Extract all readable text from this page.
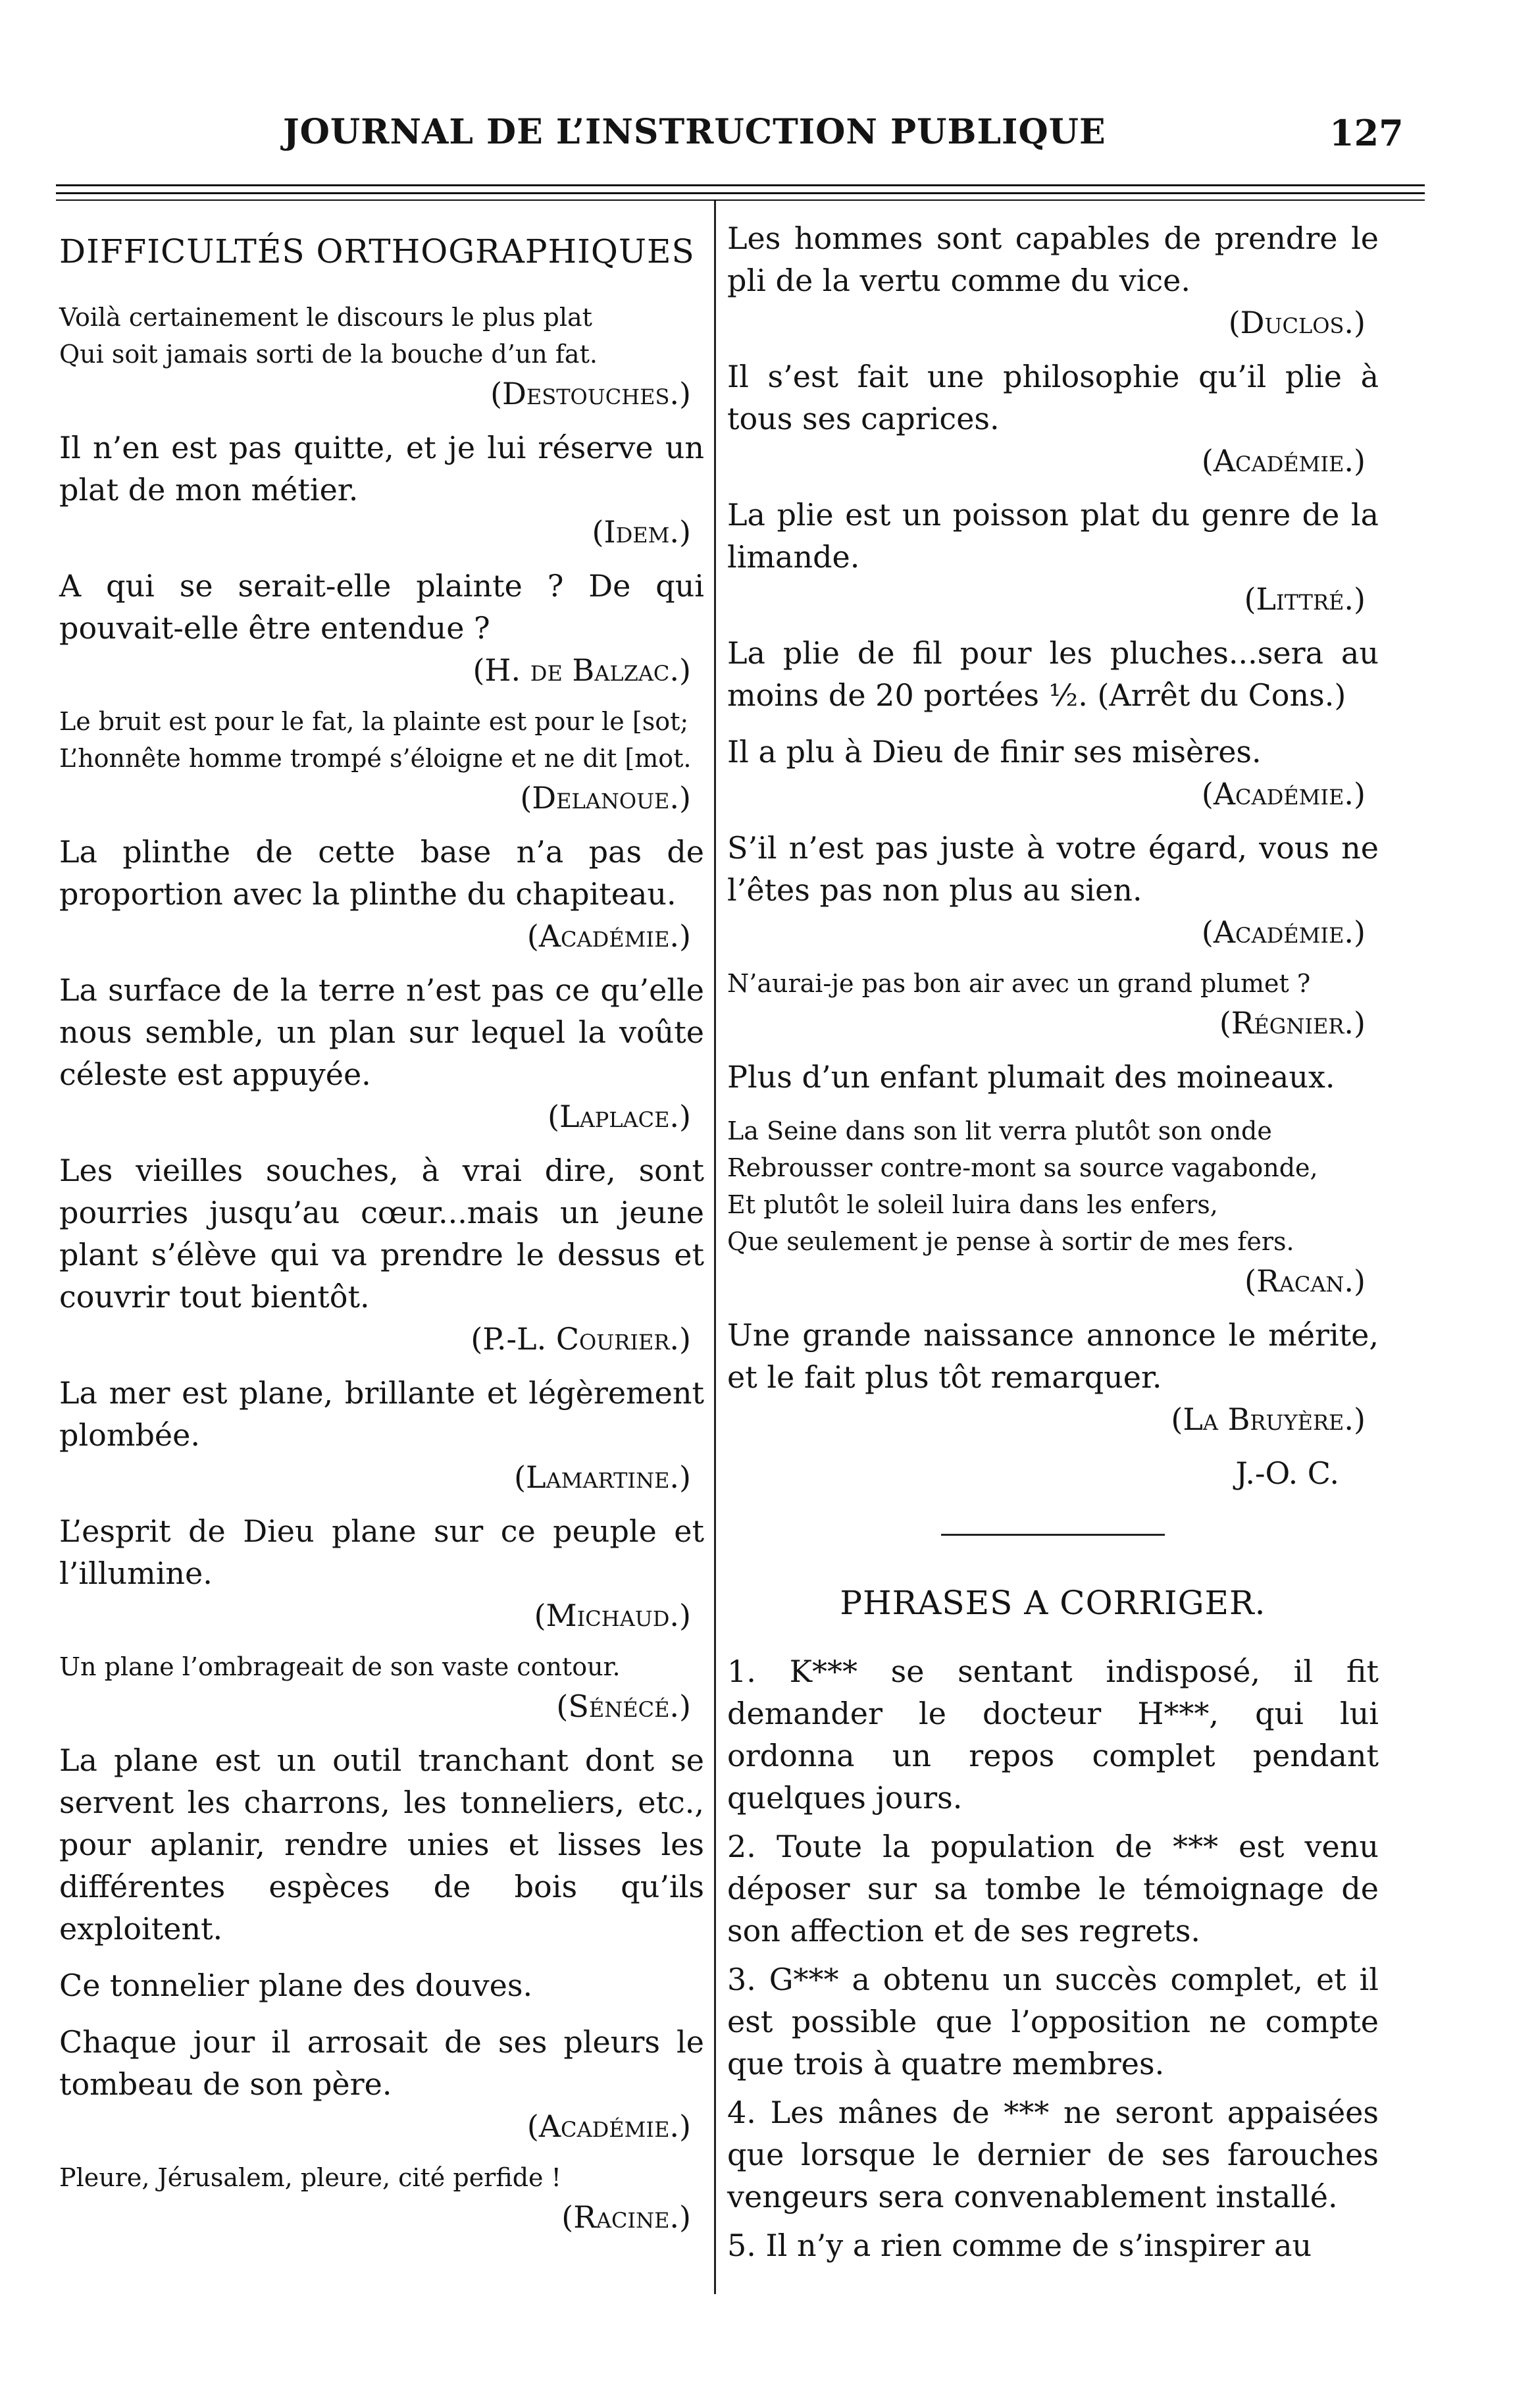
JOURNAL DE L’INSTRUCTION PUBLIQUE	127
DIFFICULTÉS ORTHOGRAPHIQUES

Voilà certainement le discours le plus plat

Qui soit jamais sorti de la bouche d’un fat.

(Destouches.)

Il n’en est pas quitte, et je lui réserve un plat de mon métier.

(Idem.)

A qui se serait-elle plainte ? De qui pouvait-elle être entendue ?

(H. de Balzac.)

Le bruit est pour le fat, la plainte est pour le [sot;

L’honnête homme trompé s’éloigne et ne dit [mot.

(Delanoue.)

La plinthe de cette base n’a pas de proportion avec la plinthe du chapiteau.

(Académie.)

La surface de la terre n’est pas ce qu’elle nous semble, un plan sur lequel la voûte céleste est appuyée.

(Laplace.)

Les vieilles souches, à vrai dire, sont pourries jusqu’au cœur...mais un jeune plant s’élève qui va prendre le dessus et couvrir tout bientôt.

(P.-L. Courier.)

La mer est plane, brillante et légèrement plombée.

(Lamartine.)

L’esprit de Dieu plane sur ce peuple et l’illumine.

(Michaud.)

Un plane l’ombrageait de son vaste contour.

(Sénécé.)

La plane est un outil tranchant dont se servent les charrons, les tonneliers, etc., pour aplanir, rendre unies et lisses les différentes espèces de bois qu’ils exploitent.

Ce tonnelier plane des douves.

Chaque jour il arrosait de ses pleurs le tombeau de son père.

(Académie.)

Pleure, Jérusalem, pleure, cité perfide !

(Racine.)

Les hommes sont capables de prendre le pli de la vertu comme du vice.

(Duclos.)

Il s’est fait une philosophie qu’il plie à tous ses caprices.

(Académie.)

La plie est un poisson plat du genre de la limande.

(Littré.)

La plie de fil pour les pluches...sera au moins de 20 portées ½. (Arrêt du Cons.)

Il a plu à Dieu de finir ses misères.

(Académie.)

S’il n’est pas juste à votre égard, vous ne l’êtes pas non plus au sien.

(Académie.)

N’aurai-je pas bon air avec un grand plumet ?

(Régnier.)

Plus d’un enfant plumait des moineaux.

La Seine dans son lit verra plutôt son onde

Rebrousser contre-mont sa source vagabonde,

Et plutôt le soleil luira dans les enfers,

Que seulement je pense à sortir de mes fers.

(Racan.)

Une grande naissance annonce le mérite, et le fait plus tôt remarquer.

(La Bruyère.)

J.-O. C.
PHRASES A CORRIGER.

1. K*** se sentant indisposé, il fit demander le docteur H***, qui lui ordonna un repos complet pendant quelques jours.

2. Toute la population de *** est venu déposer sur sa tombe le témoignage de son affection et de ses regrets.

3. G*** a obtenu un succès complet, et il est possible que l’opposition ne compte que trois à quatre membres.

4. Les mânes de *** ne seront appaisées que lorsque le dernier de ses farouches vengeurs sera convenablement installé.

5. Il n’y a rien comme de s’inspirer au
